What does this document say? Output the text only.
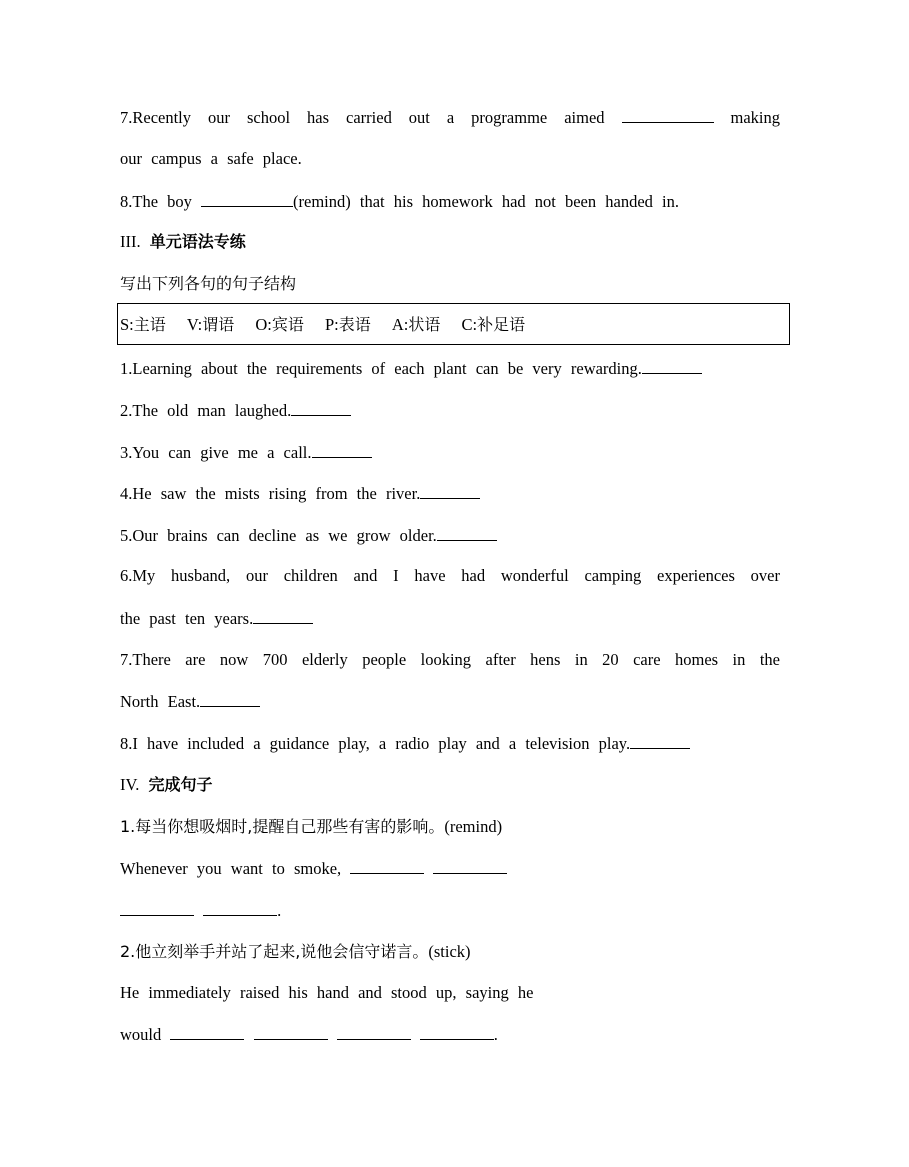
7.Recently our school has carried out a programme aimed	making
our campus a safe place.
8.The boy	(remind) that his homework had not been handed in.
III. 单元语法专练
写出下列各句的句子结构
S:主语 V:谓语 O:宾语 P:表语 A:状语 C:补足语
1.Learning about the requirements of each plant can be very rewarding.
2.The old man laughed.
3.You can give me a call.
4.He saw the mists rising from the river.
5.Our brains can decline as we grow older.
6.My husband, our children and I have had wonderful camping experiences over
the past ten years.
7.There are now 700 elderly people looking after hens in 20 care homes in the
North East.
8.I have included a guidance play, a radio play and a television play.
IV. 完成句子
1.每当你想吸烟时,提醒自己那些有害的影响。(remind)
Whenever you want to smoke,
.
2.他立刻举手并站了起来,说他会信守诺言。(stick)
He immediately raised his hand and stood up, saying he
would	.
